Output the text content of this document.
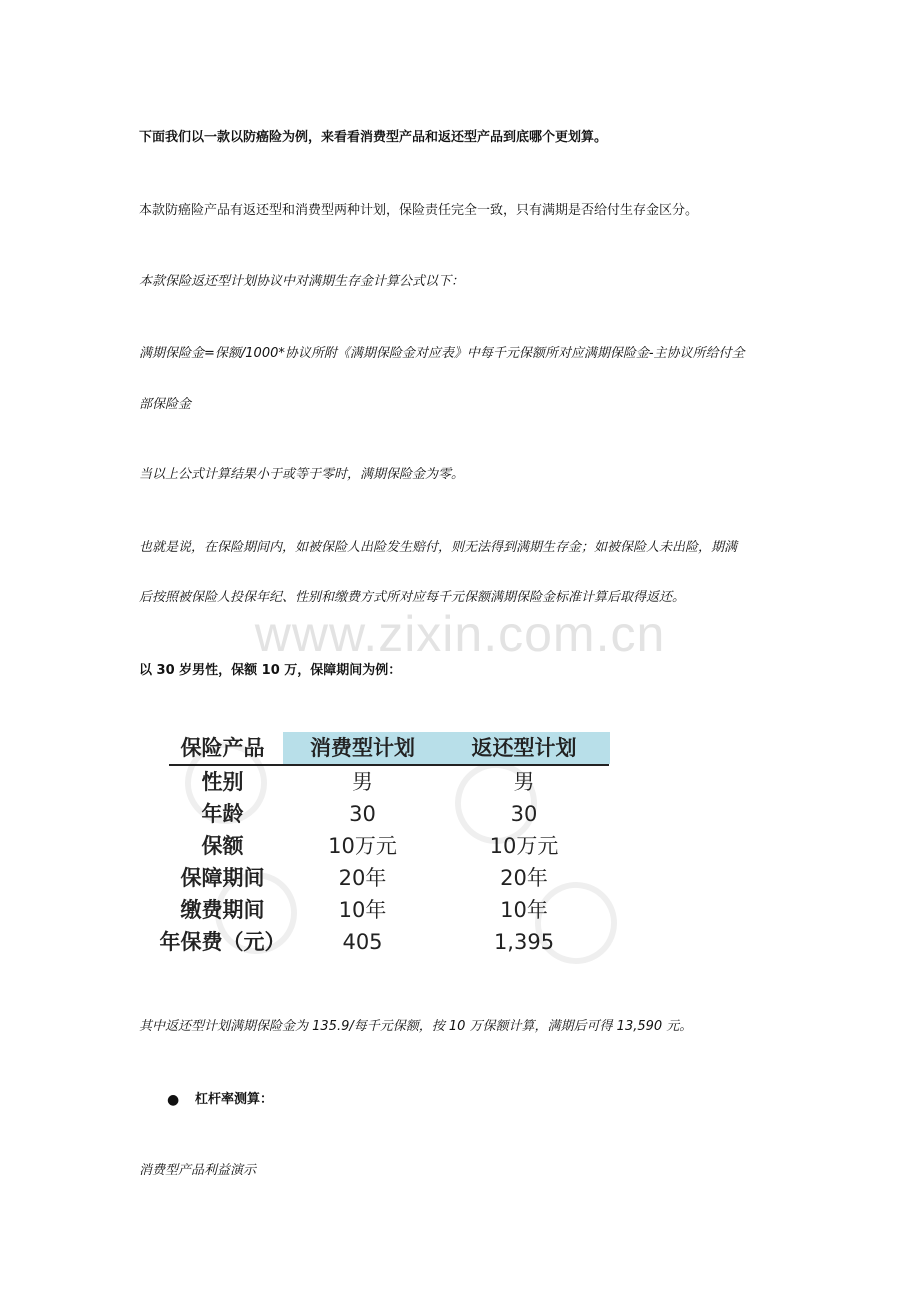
下面我们以一款以防癌险为例，来看看消费型产品和返还型产品到底哪个更划算。
本款防癌险产品有返还型和消费型两种计划，保险责任完全一致，只有满期是否给付生存金区分。
本款保险返还型计划协议中对满期生存金计算公式以下：
满期保险金=保额/1000*协议所附《满期保险金对应表》中每千元保额所对应满期保险金-主协议所给付全
部保险金
当以上公式计算结果小于或等于零时，满期保险金为零。
也就是说，在保险期间内，如被保险人出险发生赔付，则无法得到满期生存金；如被保险人未出险，期满
后按照被保险人投保年纪、性别和缴费方式所对应每千元保额满期保险金标准计算后取得返还。
www.zixin.com.cn
以 30 岁男性，保额 10 万，保障期间为例：
保险产品	消费型计划	返还型计划
性别	男	男
年龄	30	30
保额	10万元	10万元
保障期间	20年	20年
缴费期间	10年	10年
年保费（元）	405	1,395
其中返还型计划满期保险金为 135.9/每千元保额，按 10 万保额计算，满期后可得 13,590 元。
● 杠杆率测算：
消费型产品利益演示
